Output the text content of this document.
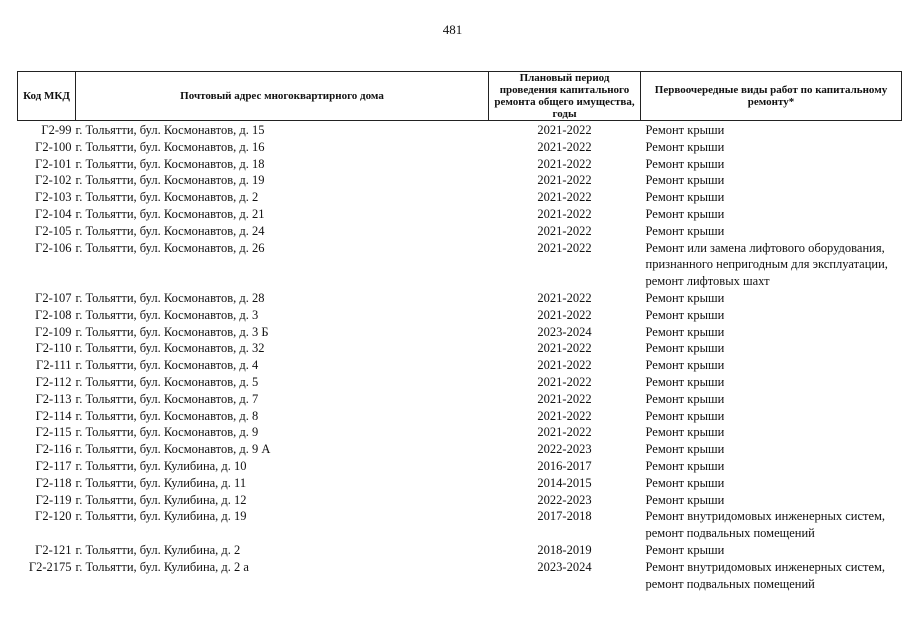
481
Код МКД	Почтовый адрес многоквартирного дома	Плановый период проведения капитального ремонта общего имущества, годы	Первоочередные виды работ по капитальному ремонту*
Г2-99	г. Тольятти, бул. Космонавтов, д. 15	2021-2022	Ремонт крыши
Г2-100	г. Тольятти, бул. Космонавтов, д. 16	2021-2022	Ремонт крыши
Г2-101	г. Тольятти, бул. Космонавтов, д. 18	2021-2022	Ремонт крыши
Г2-102	г. Тольятти, бул. Космонавтов, д. 19	2021-2022	Ремонт крыши
Г2-103	г. Тольятти, бул. Космонавтов, д. 2	2021-2022	Ремонт крыши
Г2-104	г. Тольятти, бул. Космонавтов, д. 21	2021-2022	Ремонт крыши
Г2-105	г. Тольятти, бул. Космонавтов, д. 24	2021-2022	Ремонт крыши
Г2-106	г. Тольятти, бул. Космонавтов, д. 26	2021-2022	Ремонт или замена лифтового оборудования, признанного непригодным для эксплуатации, ремонт лифтовых шахт
Г2-107	г. Тольятти, бул. Космонавтов, д. 28	2021-2022	Ремонт крыши
Г2-108	г. Тольятти, бул. Космонавтов, д. 3	2021-2022	Ремонт крыши
Г2-109	г. Тольятти, бул. Космонавтов, д. 3 Б	2023-2024	Ремонт крыши
Г2-110	г. Тольятти, бул. Космонавтов, д. 32	2021-2022	Ремонт крыши
Г2-111	г. Тольятти, бул. Космонавтов, д. 4	2021-2022	Ремонт крыши
Г2-112	г. Тольятти, бул. Космонавтов, д. 5	2021-2022	Ремонт крыши
Г2-113	г. Тольятти, бул. Космонавтов, д. 7	2021-2022	Ремонт крыши
Г2-114	г. Тольятти, бул. Космонавтов, д. 8	2021-2022	Ремонт крыши
Г2-115	г. Тольятти, бул. Космонавтов, д. 9	2021-2022	Ремонт крыши
Г2-116	г. Тольятти, бул. Космонавтов, д. 9 А	2022-2023	Ремонт крыши
Г2-117	г. Тольятти, бул. Кулибина, д. 10	2016-2017	Ремонт крыши
Г2-118	г. Тольятти, бул. Кулибина, д. 11	2014-2015	Ремонт крыши
Г2-119	г. Тольятти, бул. Кулибина, д. 12	2022-2023	Ремонт крыши
Г2-120	г. Тольятти, бул. Кулибина, д. 19	2017-2018	Ремонт внутридомовых инженерных систем, ремонт подвальных помещений
Г2-121	г. Тольятти, бул. Кулибина, д. 2	2018-2019	Ремонт крыши
Г2-2175	г. Тольятти, бул. Кулибина, д. 2 а	2023-2024	Ремонт внутридомовых инженерных систем, ремонт подвальных помещений
